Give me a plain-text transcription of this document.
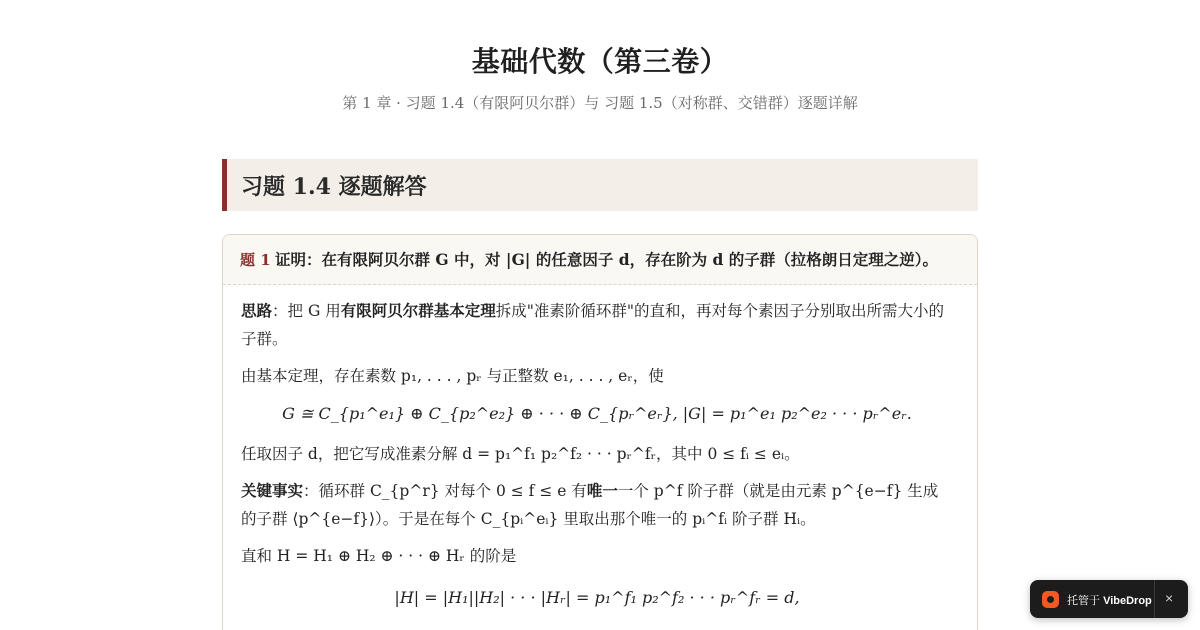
基础代数（第三卷）
第 1 章 · 习题 1.4（有限阿贝尔群）与 习题 1.5（对称群、交错群）逐题详解
习题 1.4 逐题解答
题 1 证明：在有限阿贝尔群 G 中，对 |G| 的任意因子 d，存在阶为 d 的子群（拉格朗日定理之逆）。

思路：把 G 用有限阿贝尔群基本定理拆成"准素阶循环群"的直和，再对每个素因子分别取出所需大小的子群。

由基本定理，存在素数 p₁, . . . , pᵣ 与正整数 e₁, . . . , eᵣ，使

G ≅ C_{p₁^e₁} ⊕ C_{p₂^e₂} ⊕ · · · ⊕ C_{pᵣ^eᵣ}, |G| = p₁^e₁ p₂^e₂ · · · pᵣ^eᵣ.

任取因子 d，把它写成准素分解 d = p₁^f₁ p₂^f₂ · · · pᵣ^fᵣ，其中 0 ≤ fᵢ ≤ eᵢ。

关键事实：循环群 C_{p^r} 对每个 0 ≤ f ≤ e 有唯一一个 p^f 阶子群（就是由元素 p^{e−f} 生成的子群 ⟨p^{e−f}⟩）。于是在每个 C_{pᵢ^eᵢ} 里取出那个唯一的 pᵢ^fᵢ 阶子群 Hᵢ。

直和 H = H₁ ⊕ H₂ ⊕ · · · ⊕ Hᵣ 的阶是

|H| = |H₁||H₂| · · · |Hᵣ| = p₁^f₁ p₂^f₂ · · · pᵣ^fᵣ = d,	托管于 VibeDrop ×
